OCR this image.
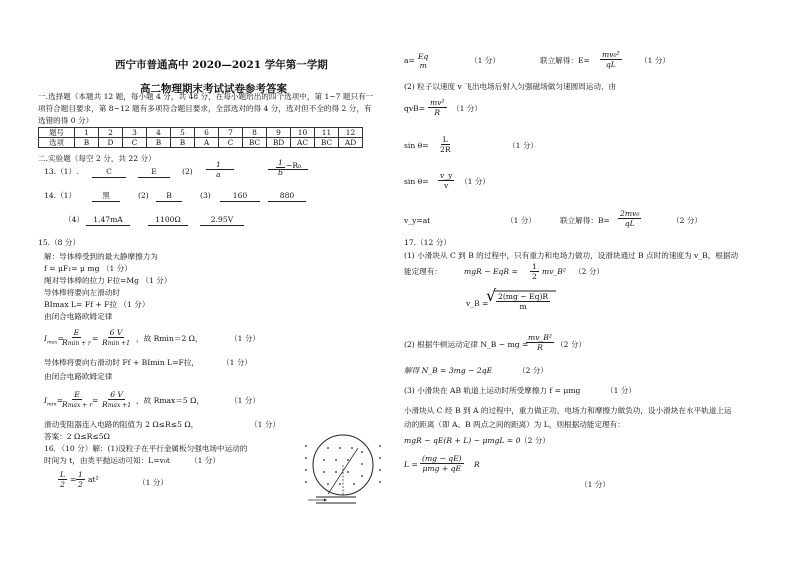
西宁市普通高中 2020—2021 学年第一学期
高二物理期末考试试卷参考答案
一.选择题（本题共 12 题，每小题 4 分，共 48 分，在每小题给出的四个选项中，第 1~7 题只有一
项符合题目要求，第 8~12 题有多项符合题目要求，全部选对的得 4 分，选对但不全的得 2 分，有
选错的得 0 分）
题号	1	2	3	4	5	6	7	8	9	10	11	12
选项	B	D	C	B	B	A	C	BC	BD	AC	BC	AD
二.实验题（每空 2 分，共 22 分）
13.（1）.	C	E	(2)	$\frac{1}{a}$	$\frac{1}{b} -R_0$
14.（1）	黑	(2)	B	(3)	160	880
（4）	1.47mA	1100Ω	2.95V
15.（8 分）
解：导体棒受到的最大静摩擦力为
f = μF₁= μ mg （1 分）
绳对导体棒的拉力 F拉=Mg （1 分）
导体棒将要向左滑动时
BImax L= Ff + F拉 （1 分）
由闭合电路欧姆定律
$I_{max}=$
E
Rmin + r
=
6 V
Rmin +1
，故 Rmin＝2 Ω，	（1 分）
导体棒将要向右滑动时 Ff + BImin L=F拉，	（1 分）
由闭合电路欧姆定律
$I_{min}=$
E
Rmax + r
=
6 V
Rmax +1
，故 Rmax＝5 Ω，	（1 分）
滑动变阻器连入电路的阻值为 2 Ω≤R≤5 Ω，	（1 分）
答案：2 Ω≤R≤5Ω
16．（10 分）解：(1)设粒子在平行金属板匀强电场中运动的
时间为 t，由类平抛运动可知：L=v₀t	（1 分）
$\frac{L}{2} = \frac{1}{2} at^2$	（1 分）
a= Eq
m
（1 分）	联立解得：$E= \frac{\text{mv₀²}}{qL} (1$ 分）
(2) 粒子以速度 v 飞出电场后射入匀强磁场做匀速圆周运动，由
$qvB= \frac{\text{mv²}}{R} (1$ 分）
$\sin \theta= \frac{L}{2R}$	（1 分）
$\sin \theta= \frac{v\_y}{v} (1$ 分）
v_y=at	（1 分）	联立解得：$B= \frac{\text{2mv₀}}{qL}$	（2 分）
17.（12 分）
(1) 小滑块从 C 到 B 的过程中，只有重力和电场力做功，设滑块通过 B 点时的速度为 v_B，根据动
能定理有：	mgR − EqR = $\frac{1}{2}$ mv_B² （2 分）
v_B =
√ $\frac{2(mg - Eq)R}{m}$
(2) 根据牛顿运动定律 N_B − mg =
$\frac{\text{mv\_B²}}{R} (2$ 分）
解得 N_B = 3mg − 2qE	（2 分）
(3) 小滑块在 AB 轨道上运动时所受摩擦力 f = μmg	（1 分）
小滑块从 C 经 B 到 A 的过程中，重力做正功，电场力和摩擦力做负功，设小滑块在水平轨道上运
动的距离（即 A、B 两点之间的距离）为 L，则根据动能定理有：
mgR − qE(R + L) − μmgL = 0 （2 分）
L =
(mg − qE)
μmg + qE R
（1 分）
